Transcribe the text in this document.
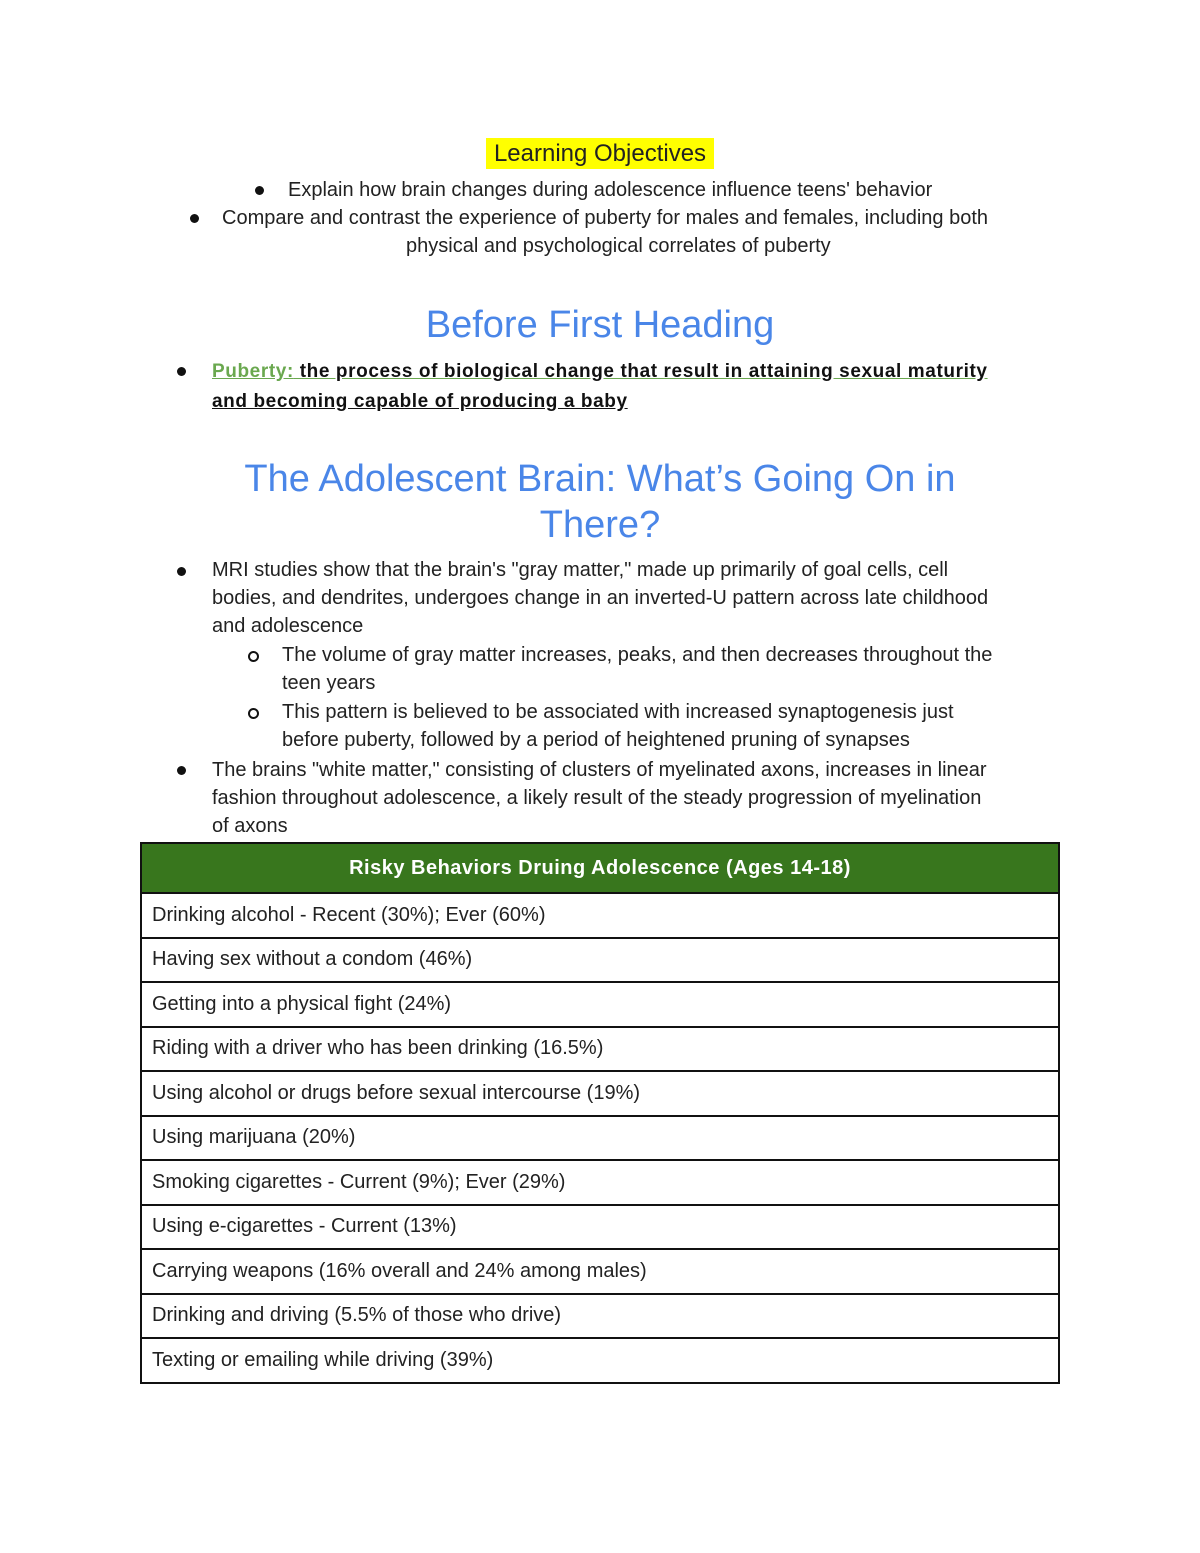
Learning Objectives
Explain how brain changes during adolescence influence teens' behavior
Compare and contrast the experience of puberty for males and females, including both
physical and psychological correlates of puberty
Before First Heading
Puberty: the process of biological change that result in attaining sexual maturity
and becoming capable of producing a baby
The Adolescent Brain: What’s Going On in
There?
MRI studies show that the brain's "gray matter," made up primarily of goal cells, cell
bodies, and dendrites, undergoes change in an inverted-U pattern across late childhood
and adolescence
The volume of gray matter increases, peaks, and then decreases throughout the
teen years
This pattern is believed to be associated with increased synaptogenesis just
before puberty, followed by a period of heightened pruning of synapses
The brains "white matter," consisting of clusters of myelinated axons, increases in linear
fashion throughout adolescence, a likely result of the steady progression of myelination
of axons
Risky Behaviors Druing Adolescence (Ages 14-18)
Drinking alcohol - Recent (30%); Ever (60%)
Having sex without a condom (46%)
Getting into a physical fight (24%)
Riding with a driver who has been drinking (16.5%)
Using alcohol or drugs before sexual intercourse (19%)
Using marijuana (20%)
Smoking cigarettes - Current (9%); Ever (29%)
Using e-cigarettes - Current (13%)
Carrying weapons (16% overall and 24% among males)
Drinking and driving (5.5% of those who drive)
Texting or emailing while driving (39%)
